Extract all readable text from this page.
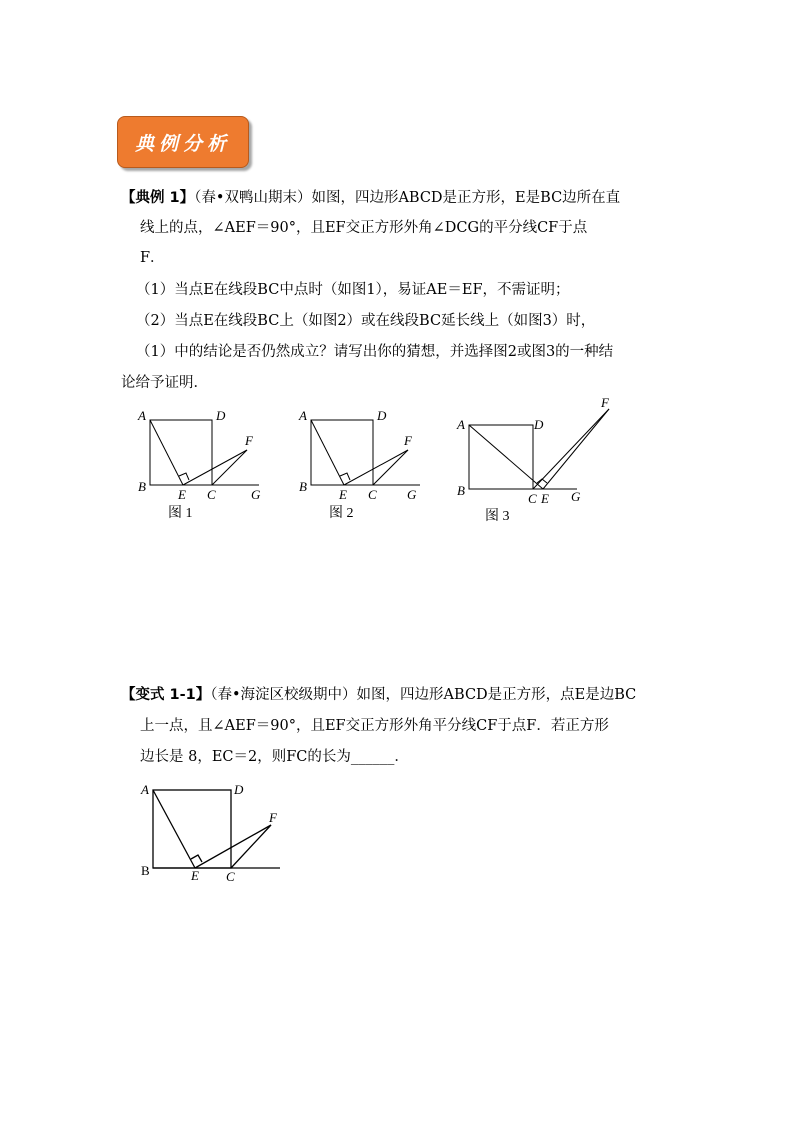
典例分析
【典例 1】（春•双鸭山期末）如图，四边形ABCD是正方形，E是BC边所在直
线上的点，∠AEF＝90°，且EF交正方形外角∠DCG的平分线CF于点
F．
（1）当点E在线段BC中点时（如图1），易证AE＝EF，不需证明；
（2）当点E在线段BC上（如图2）或在线段BC延长线上（如图3）时，
（1）中的结论是否仍然成立？请写出你的猜想，并选择图2或图3的一种结
论给予证明．
A	D
F
B
E C	G
图 1
A	D
F
B
E C G
图 2
A	D
F
B
C E G
图 3
【变式 1-1】（春•海淀区校级期中）如图，四边形ABCD是正方形，点E是边BC
上一点，且∠AEF＝90°，且EF交正方形外角平分线CF于点F．若正方形
边长是 8，EC＝2，则FC的长为______．
A	D
F
B	E C
